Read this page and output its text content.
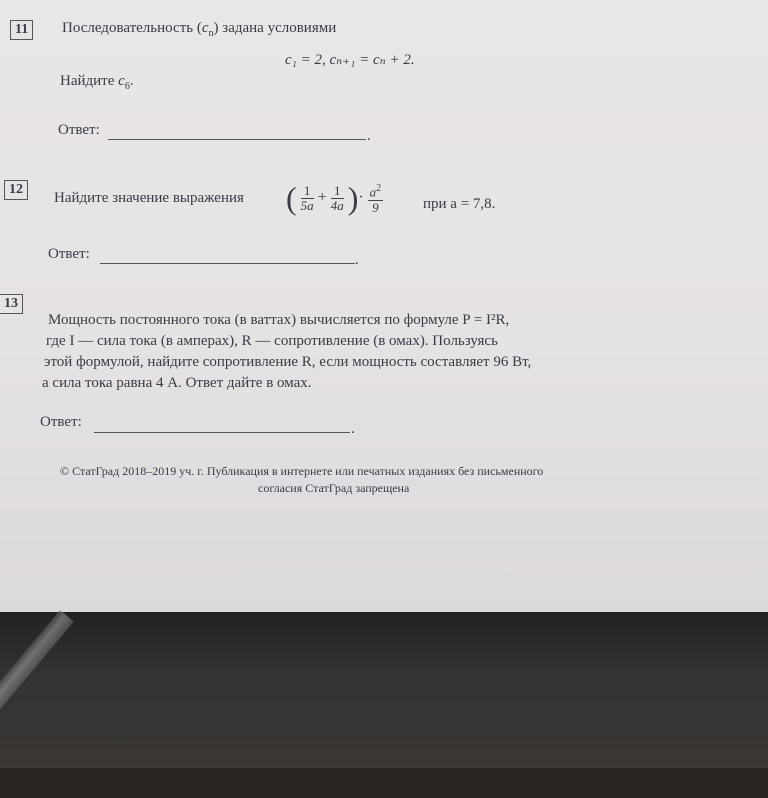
11	Последовательность $(c_n)$ задана условиями
c₁ = 2, cₙ₊₁ = cₙ + 2.
Найдите $c_6$.
Ответ:	.
12
Найдите значение выражения ( $\frac{1}{5a} + \frac{1}{4a}$ )· $\frac{a^2}{9}$	при a = 7,8.
Ответ:	.
13
Мощность постоянного тока (в ваттах) вычисляется по формуле P = I²R,
где I — сила тока (в амперах), R — сопротивление (в омах). Пользуясь
этой формулой, найдите сопротивление R, если мощность составляет 96 Вт,
а сила тока равна 4 А. Ответ дайте в омах.
Ответ:	.
© СтатГрад 2018–2019 уч. г. Публикация в интернете или печатных изданиях без письменного
согласия СтатГрад запрещена
